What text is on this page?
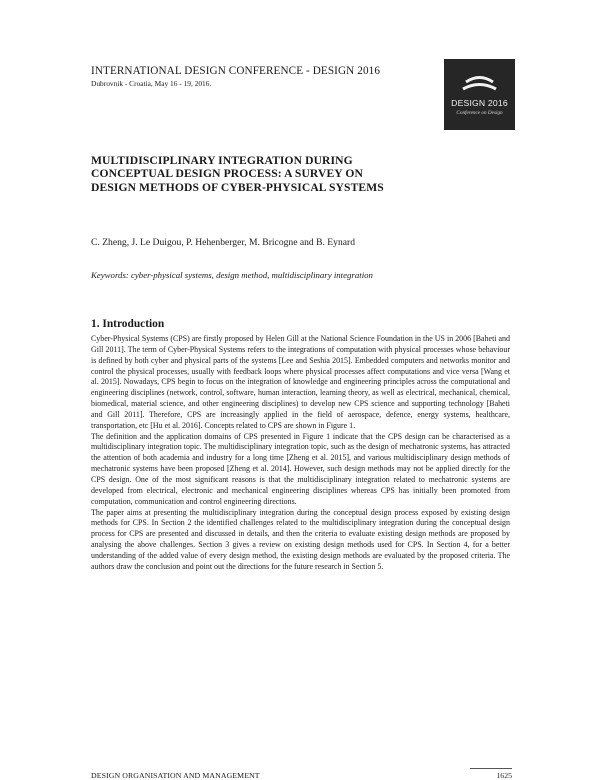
INTERNATIONAL DESIGN CONFERENCE - DESIGN 2016
Dubrovnik - Croatia, May 16 - 19, 2016.
DESIGN 2016
Conference on Design
MULTIDISCIPLINARY INTEGRATION DURING CONCEPTUAL DESIGN PROCESS: A SURVEY ON DESIGN METHODS OF CYBER-PHYSICAL SYSTEMS
C. Zheng, J. Le Duigou, P. Hehenberger, M. Bricogne and B. Eynard
Keywords: cyber-physical systems, design method, multidisciplinary integration
1. Introduction

Cyber-Physical Systems (CPS) are firstly proposed by Helen Gill at the National Science Foundation in the US in 2006 [Baheti and Gill 2011]. The term of Cyber-Physical Systems refers to the integrations of computation with physical processes whose behaviour is defined by both cyber and physical parts of the systems [Lee and Seshia 2015]. Embedded computers and networks monitor and control the physical processes, usually with feedback loops where physical processes affect computations and vice versa [Wang et al. 2015]. Nowadays, CPS begin to focus on the integration of knowledge and engineering principles across the computational and engineering disciplines (network, control, software, human interaction, learning theory, as well as electrical, mechanical, chemical, biomedical, material science, and other engineering disciplines) to develop new CPS science and supporting technology [Baheti and Gill 2011]. Therefore, CPS are increasingly applied in the field of aerospace, defence, energy systems, healthcare, transportation, etc [Hu et al. 2016]. Concepts related to CPS are shown in Figure 1.

The definition and the application domains of CPS presented in Figure 1 indicate that the CPS design can be characterised as a multidisciplinary integration topic. The multidisciplinary integration topic, such as the design of mechatronic systems, has attracted the attention of both academia and industry for a long time [Zheng et al. 2015], and various multidisciplinary design methods of mechatronic systems have been proposed [Zheng et al. 2014]. However, such design methods may not be applied directly for the CPS design. One of the most significant reasons is that the multidisciplinary integration related to mechatronic systems are developed from electrical, electronic and mechanical engineering disciplines whereas CPS has initially been promoted from computation, communication and control engineering directions.

The paper aims at presenting the multidisciplinary integration during the conceptual design process exposed by existing design methods for CPS. In Section 2 the identified challenges related to the multidisciplinary integration during the conceptual design process for CPS are presented and discussed in details, and then the criteria to evaluate existing design methods are proposed by analysing the above challenges. Section 3 gives a review on existing design methods used for CPS. In Section 4, for a better understanding of the added value of every design method, the existing design methods are evaluated by the proposed criteria. The authors draw the conclusion and point out the directions for the future research in Section 5.

DESIGN ORGANISATION AND MANAGEMENT	1625
